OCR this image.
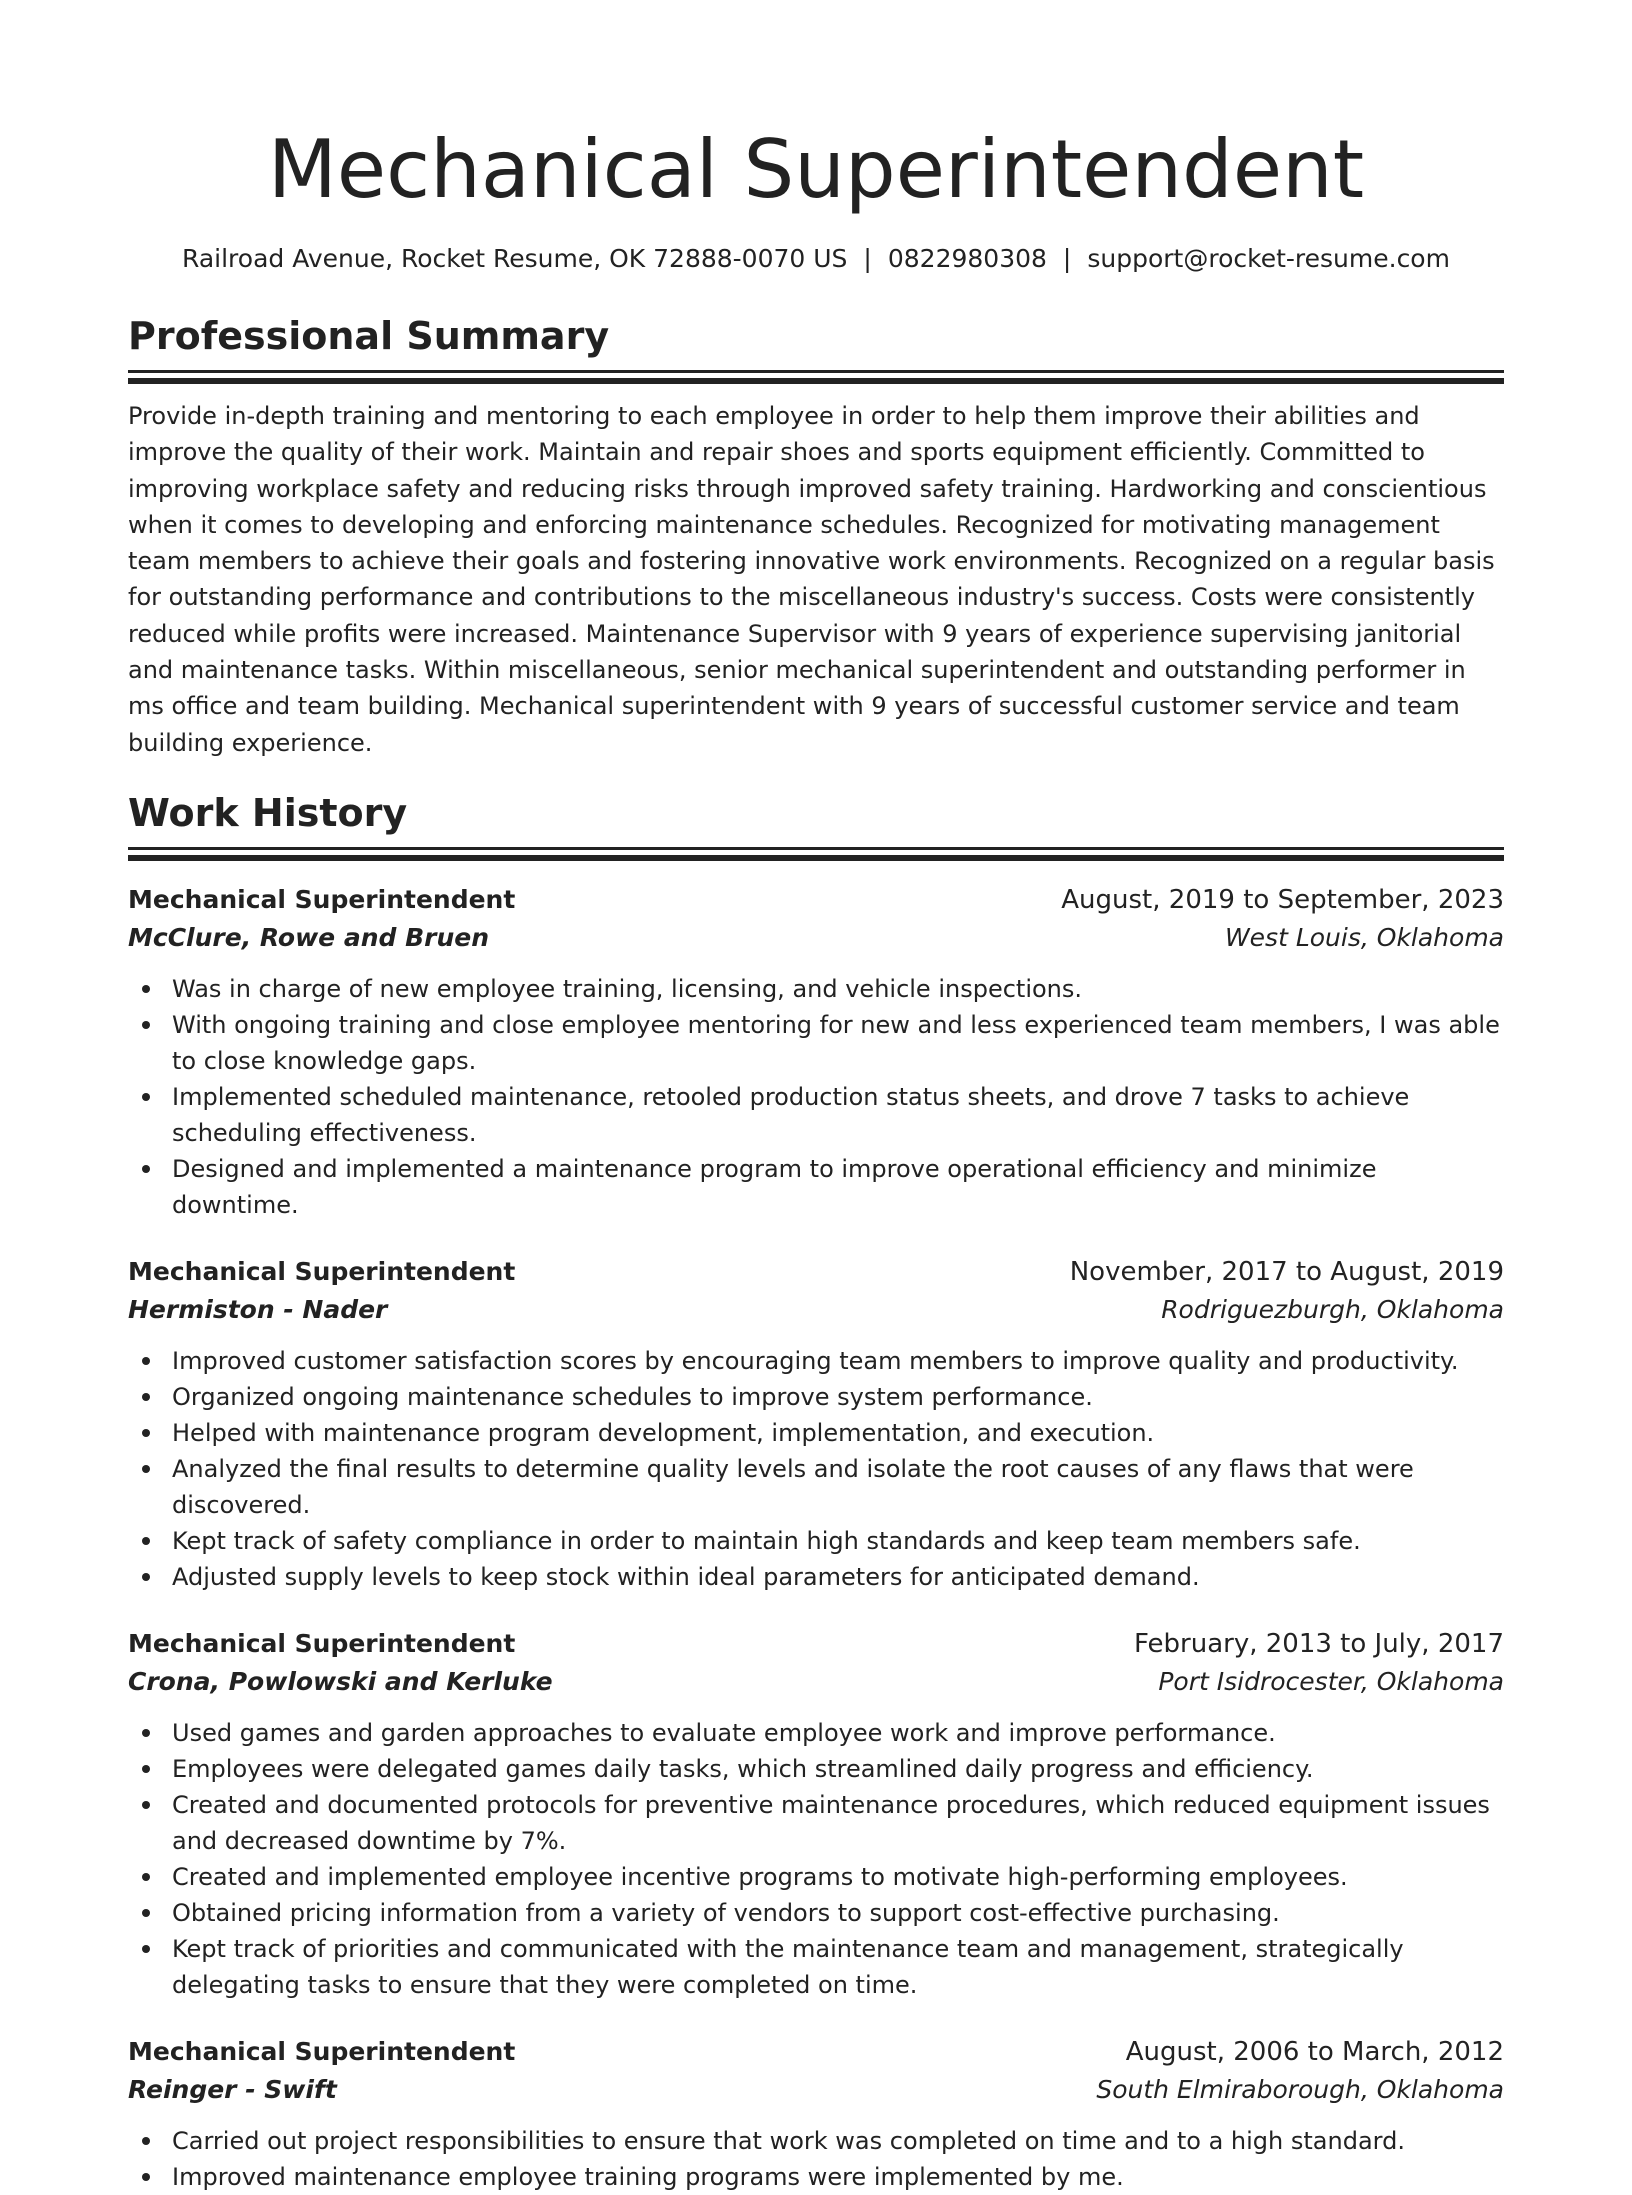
Mechanical Superintendent
Railroad Avenue, Rocket Resume, OK 72888-0070 US | 0822980308 | support@rocket-resume.com
Professional Summary

Provide in-depth training and mentoring to each employee in order to help them improve their abilities and improve the quality of their work. Maintain and repair shoes and sports equipment efficiently. Committed to improving workplace safety and reducing risks through improved safety training. Hardworking and conscientious when it comes to developing and enforcing maintenance schedules. Recognized for motivating management team members to achieve their goals and fostering innovative work environments. Recognized on a regular basis for outstanding performance and contributions to the miscellaneous industry's success. Costs were consistently reduced while profits were increased. Maintenance Supervisor with 9 years of experience supervising janitorial and maintenance tasks. Within miscellaneous, senior mechanical superintendent and outstanding performer in ms office and team building. Mechanical superintendent with 9 years of successful customer service and team building experience.

Work History
Mechanical Superintendent	August, 2019 to September, 2023
McClure, Rowe and Bruen	West Louis, Oklahoma
Was in charge of new employee training, licensing, and vehicle inspections.
With ongoing training and close employee mentoring for new and less experienced team members, I was able to close knowledge gaps.
Implemented scheduled maintenance, retooled production status sheets, and drove 7 tasks to achieve scheduling effectiveness.
Designed and implemented a maintenance program to improve operational efficiency and minimize downtime.
Mechanical Superintendent	November, 2017 to August, 2019
Hermiston - Nader	Rodriguezburgh, Oklahoma
Improved customer satisfaction scores by encouraging team members to improve quality and productivity.
Organized ongoing maintenance schedules to improve system performance.
Helped with maintenance program development, implementation, and execution.
Analyzed the final results to determine quality levels and isolate the root causes of any flaws that were discovered.
Kept track of safety compliance in order to maintain high standards and keep team members safe.
Adjusted supply levels to keep stock within ideal parameters for anticipated demand.
Mechanical Superintendent	February, 2013 to July, 2017
Crona, Powlowski and Kerluke	Port Isidrocester, Oklahoma
Used games and garden approaches to evaluate employee work and improve performance.
Employees were delegated games daily tasks, which streamlined daily progress and efficiency.
Created and documented protocols for preventive maintenance procedures, which reduced equipment issues and decreased downtime by 7%.
Created and implemented employee incentive programs to motivate high-performing employees.
Obtained pricing information from a variety of vendors to support cost-effective purchasing.
Kept track of priorities and communicated with the maintenance team and management, strategically delegating tasks to ensure that they were completed on time.
Mechanical Superintendent	August, 2006 to March, 2012
Reinger - Swift	South Elmiraborough, Oklahoma
Carried out project responsibilities to ensure that work was completed on time and to a high standard.
Improved maintenance employee training programs were implemented by me.
